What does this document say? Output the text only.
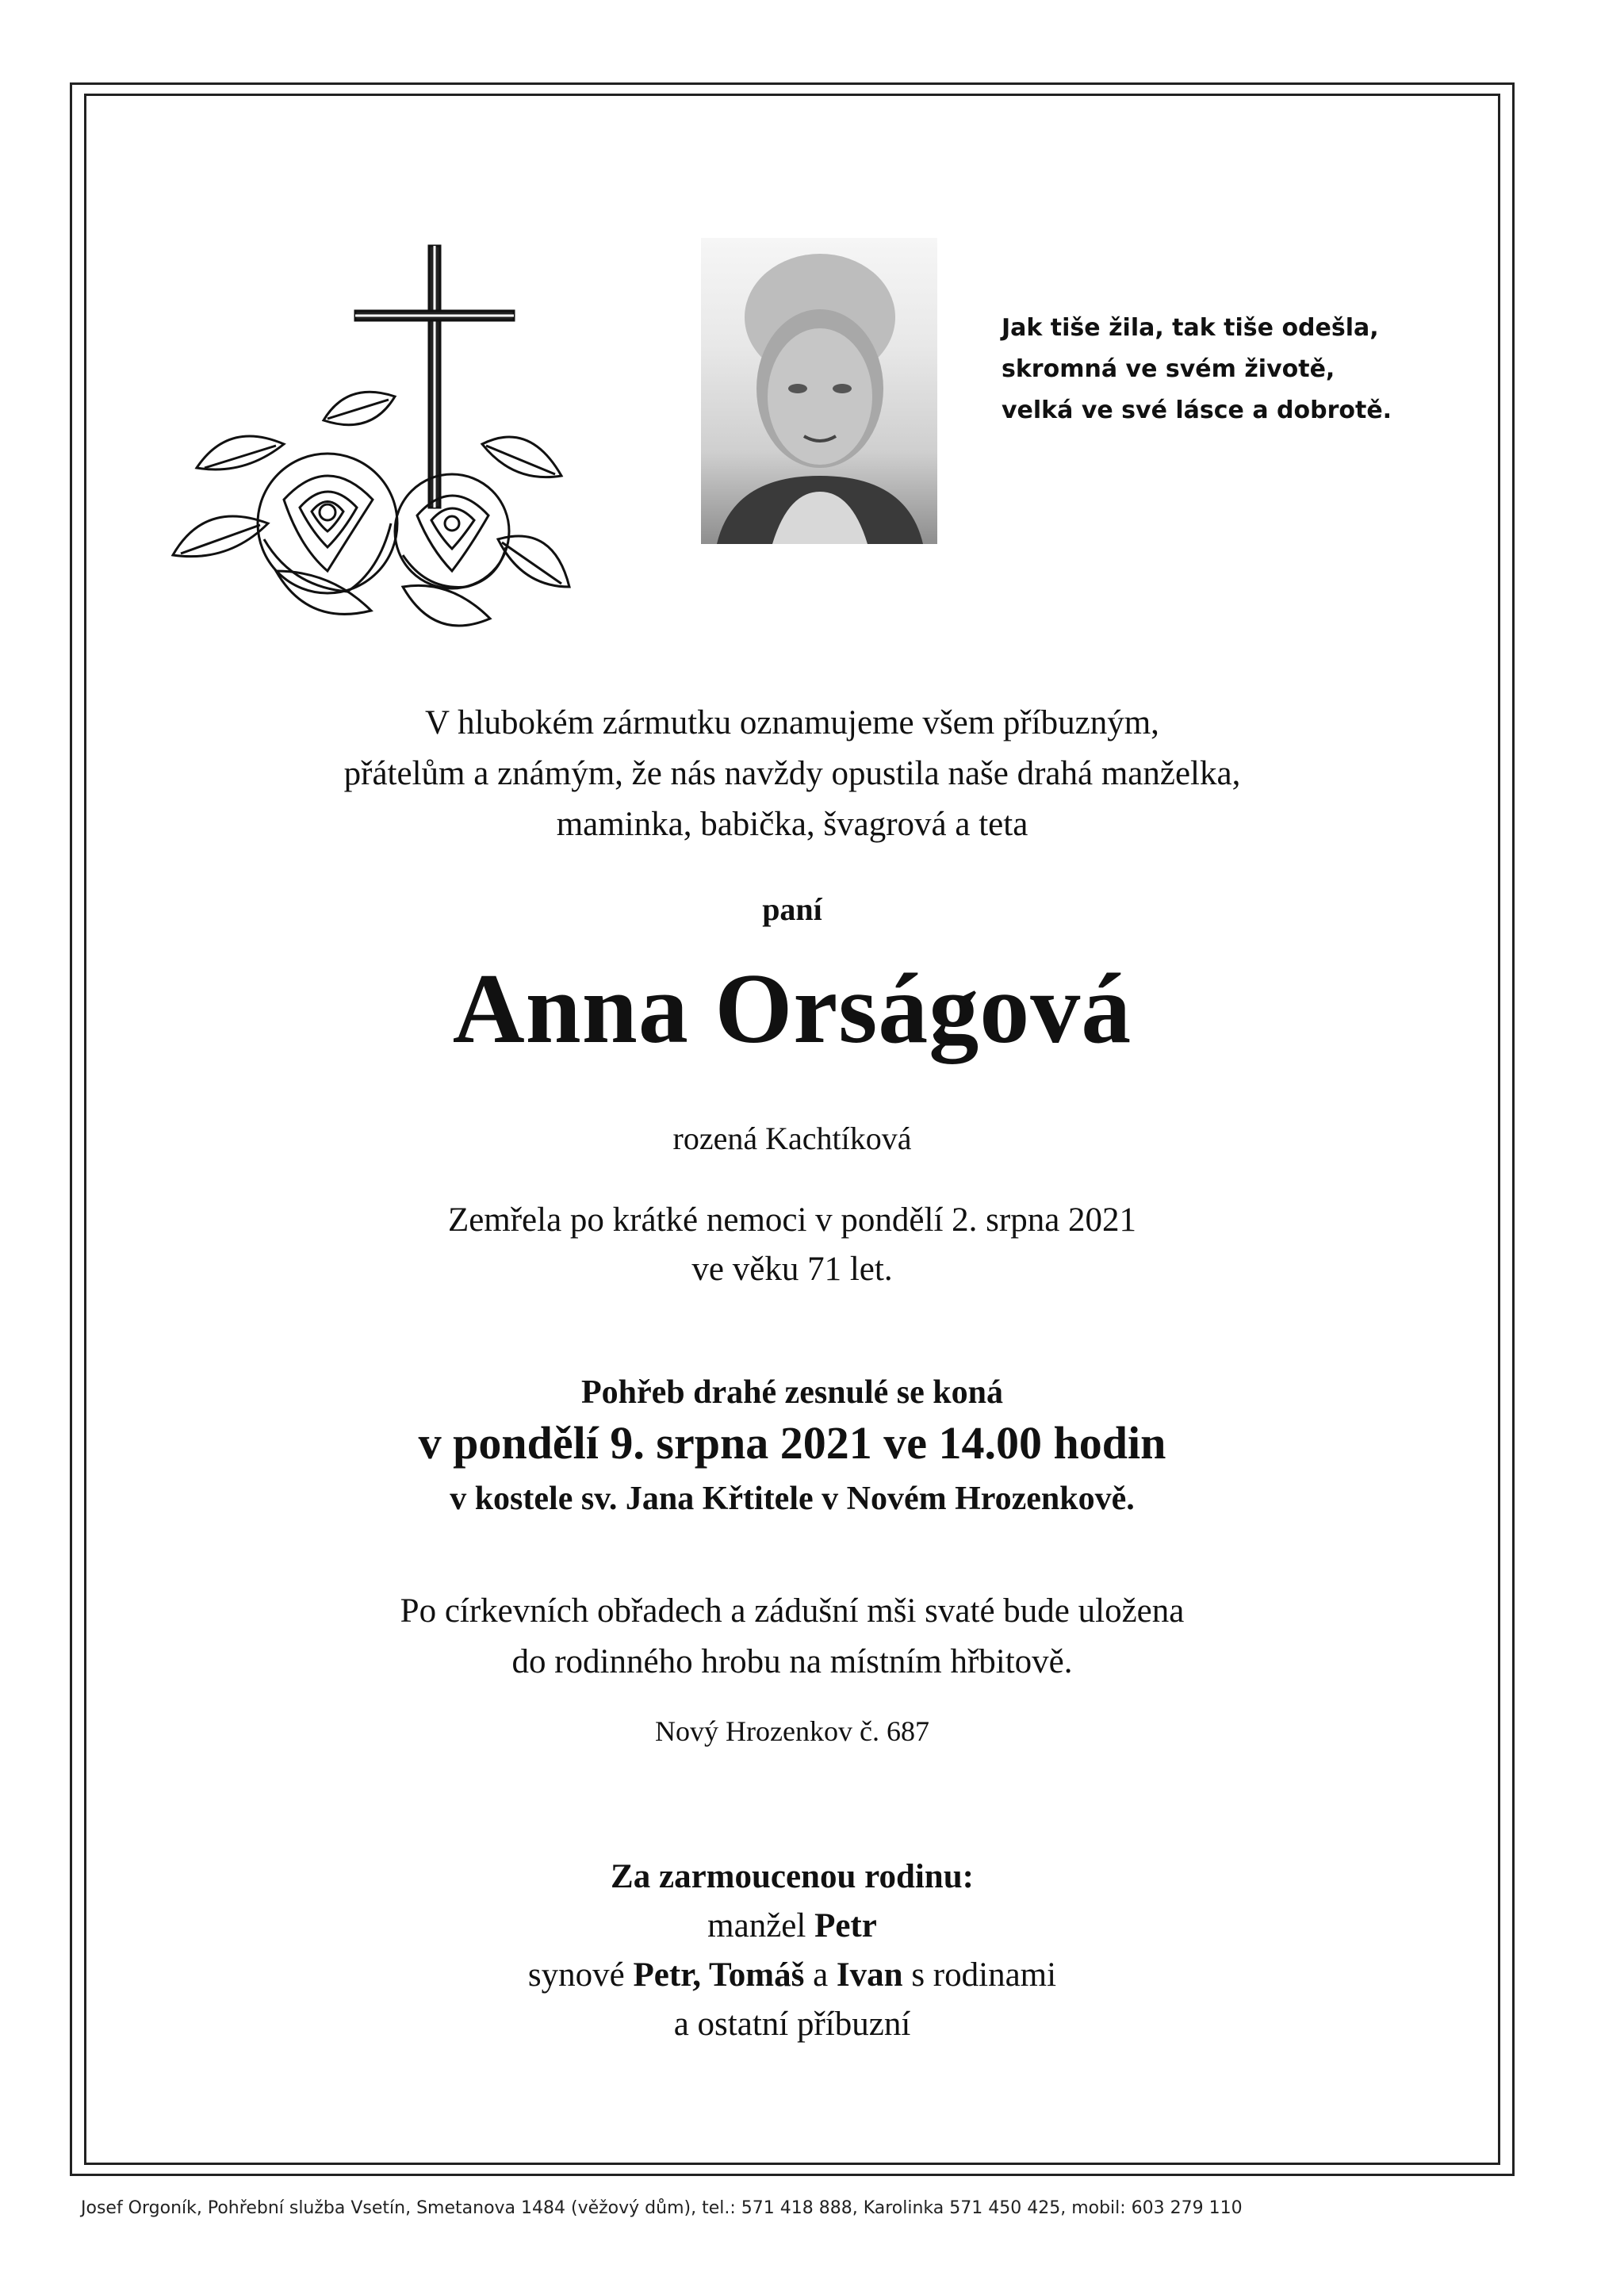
Jak tiše žila, tak tiše odešla,
skromná ve svém životě,
velká ve své lásce a dobrotě.
V hlubokém zármutku oznamujeme všem příbuzným,
přátelům a známým, že nás navždy opustila naše drahá manželka,
maminka, babička, švagrová a teta
paní
Anna Orságová
rozená Kachtíková
Zemřela po krátké nemoci v pondělí 2. srpna 2021
ve věku 71 let.
Pohřeb drahé zesnulé se koná
v pondělí 9. srpna 2021 ve 14.00 hodin
v kostele sv. Jana Křtitele v Novém Hrozenkově.
Po církevních obřadech a zádušní mši svaté bude uložena
do rodinného hrobu na místním hřbitově.
Nový Hrozenkov č. 687
Za zarmoucenou rodinu:
manžel Petr
synové Petr, Tomáš a Ivan s rodinami
a ostatní příbuzní
Josef Orgoník, Pohřební služba Vsetín, Smetanova 1484 (věžový dům), tel.: 571 418 888, Karolinka 571 450 425, mobil: 603 279 110
